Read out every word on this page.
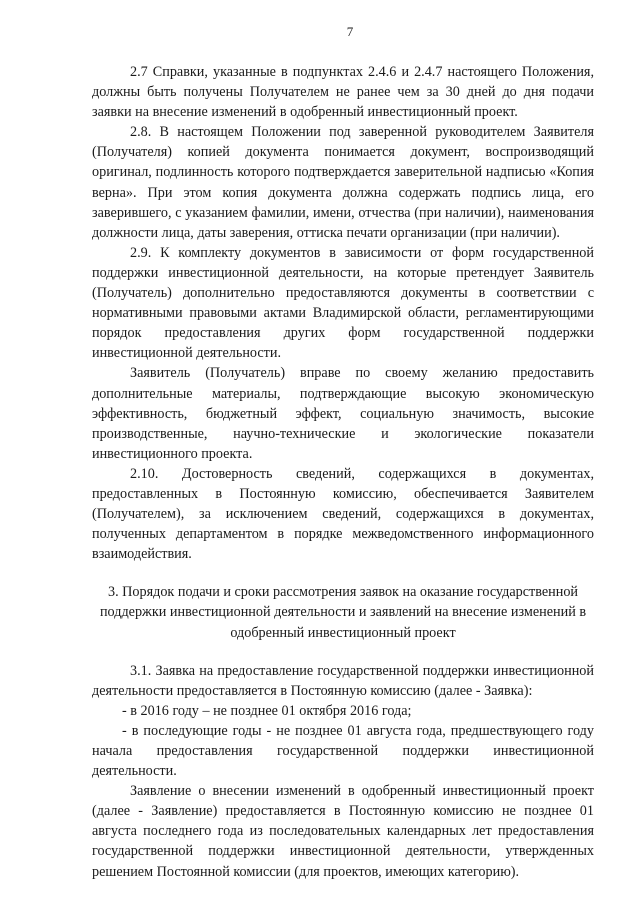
7

2.7 Справки, указанные в подпунктах 2.4.6 и 2.4.7 настоящего Положения, должны быть получены Получателем не ранее чем за 30 дней до дня подачи заявки на внесение изменений в одобренный инвестиционный проект.

2.8. В настоящем Положении под заверенной руководителем Заявителя (Получателя) копией документа понимается документ, воспроизводящий оригинал, подлинность которого подтверждается заверительной надписью «Копия верна». При этом копия документа должна содержать подпись лица, его заверившего, с указанием фамилии, имени, отчества (при наличии), наименования должности лица, даты заверения, оттиска печати организации (при наличии).

2.9. К комплекту документов в зависимости от форм государственной поддержки инвестиционной деятельности, на которые претендует Заявитель (Получатель) дополнительно предоставляются документы в соответствии с нормативными правовыми актами Владимирской области, регламентирующими порядок предоставления других форм государственной поддержки инвестиционной деятельности.

Заявитель (Получатель) вправе по своему желанию предоставить дополнительные материалы, подтверждающие высокую экономическую эффективность, бюджетный эффект, социальную значимость, высокие производственные, научно-технические и экологические показатели инвестиционного проекта.

2.10. Достоверность сведений, содержащихся в документах, предоставленных в Постоянную комиссию, обеспечивается Заявителем (Получателем), за исключением сведений, содержащихся в документах, полученных департаментом в порядке межведомственного информационного взаимодействия.

3. Порядок подачи и сроки рассмотрения заявок на оказание государственной поддержки инвестиционной деятельности и заявлений на внесение изменений в одобренный инвестиционный проект

3.1. Заявка на предоставление государственной поддержки инвестиционной деятельности предоставляется в Постоянную комиссию (далее - Заявка):

- в 2016 году – не позднее 01 октября 2016 года;

- в последующие годы - не позднее 01 августа года, предшествующего году начала предоставления государственной поддержки инвестиционной деятельности.

Заявление о внесении изменений в одобренный инвестиционный проект (далее - Заявление) предоставляется в Постоянную комиссию не позднее 01 августа последнего года из последовательных календарных лет предоставления государственной поддержки инвестиционной деятельности, утвержденных решением Постоянной комиссии (для проектов, имеющих категорию).
